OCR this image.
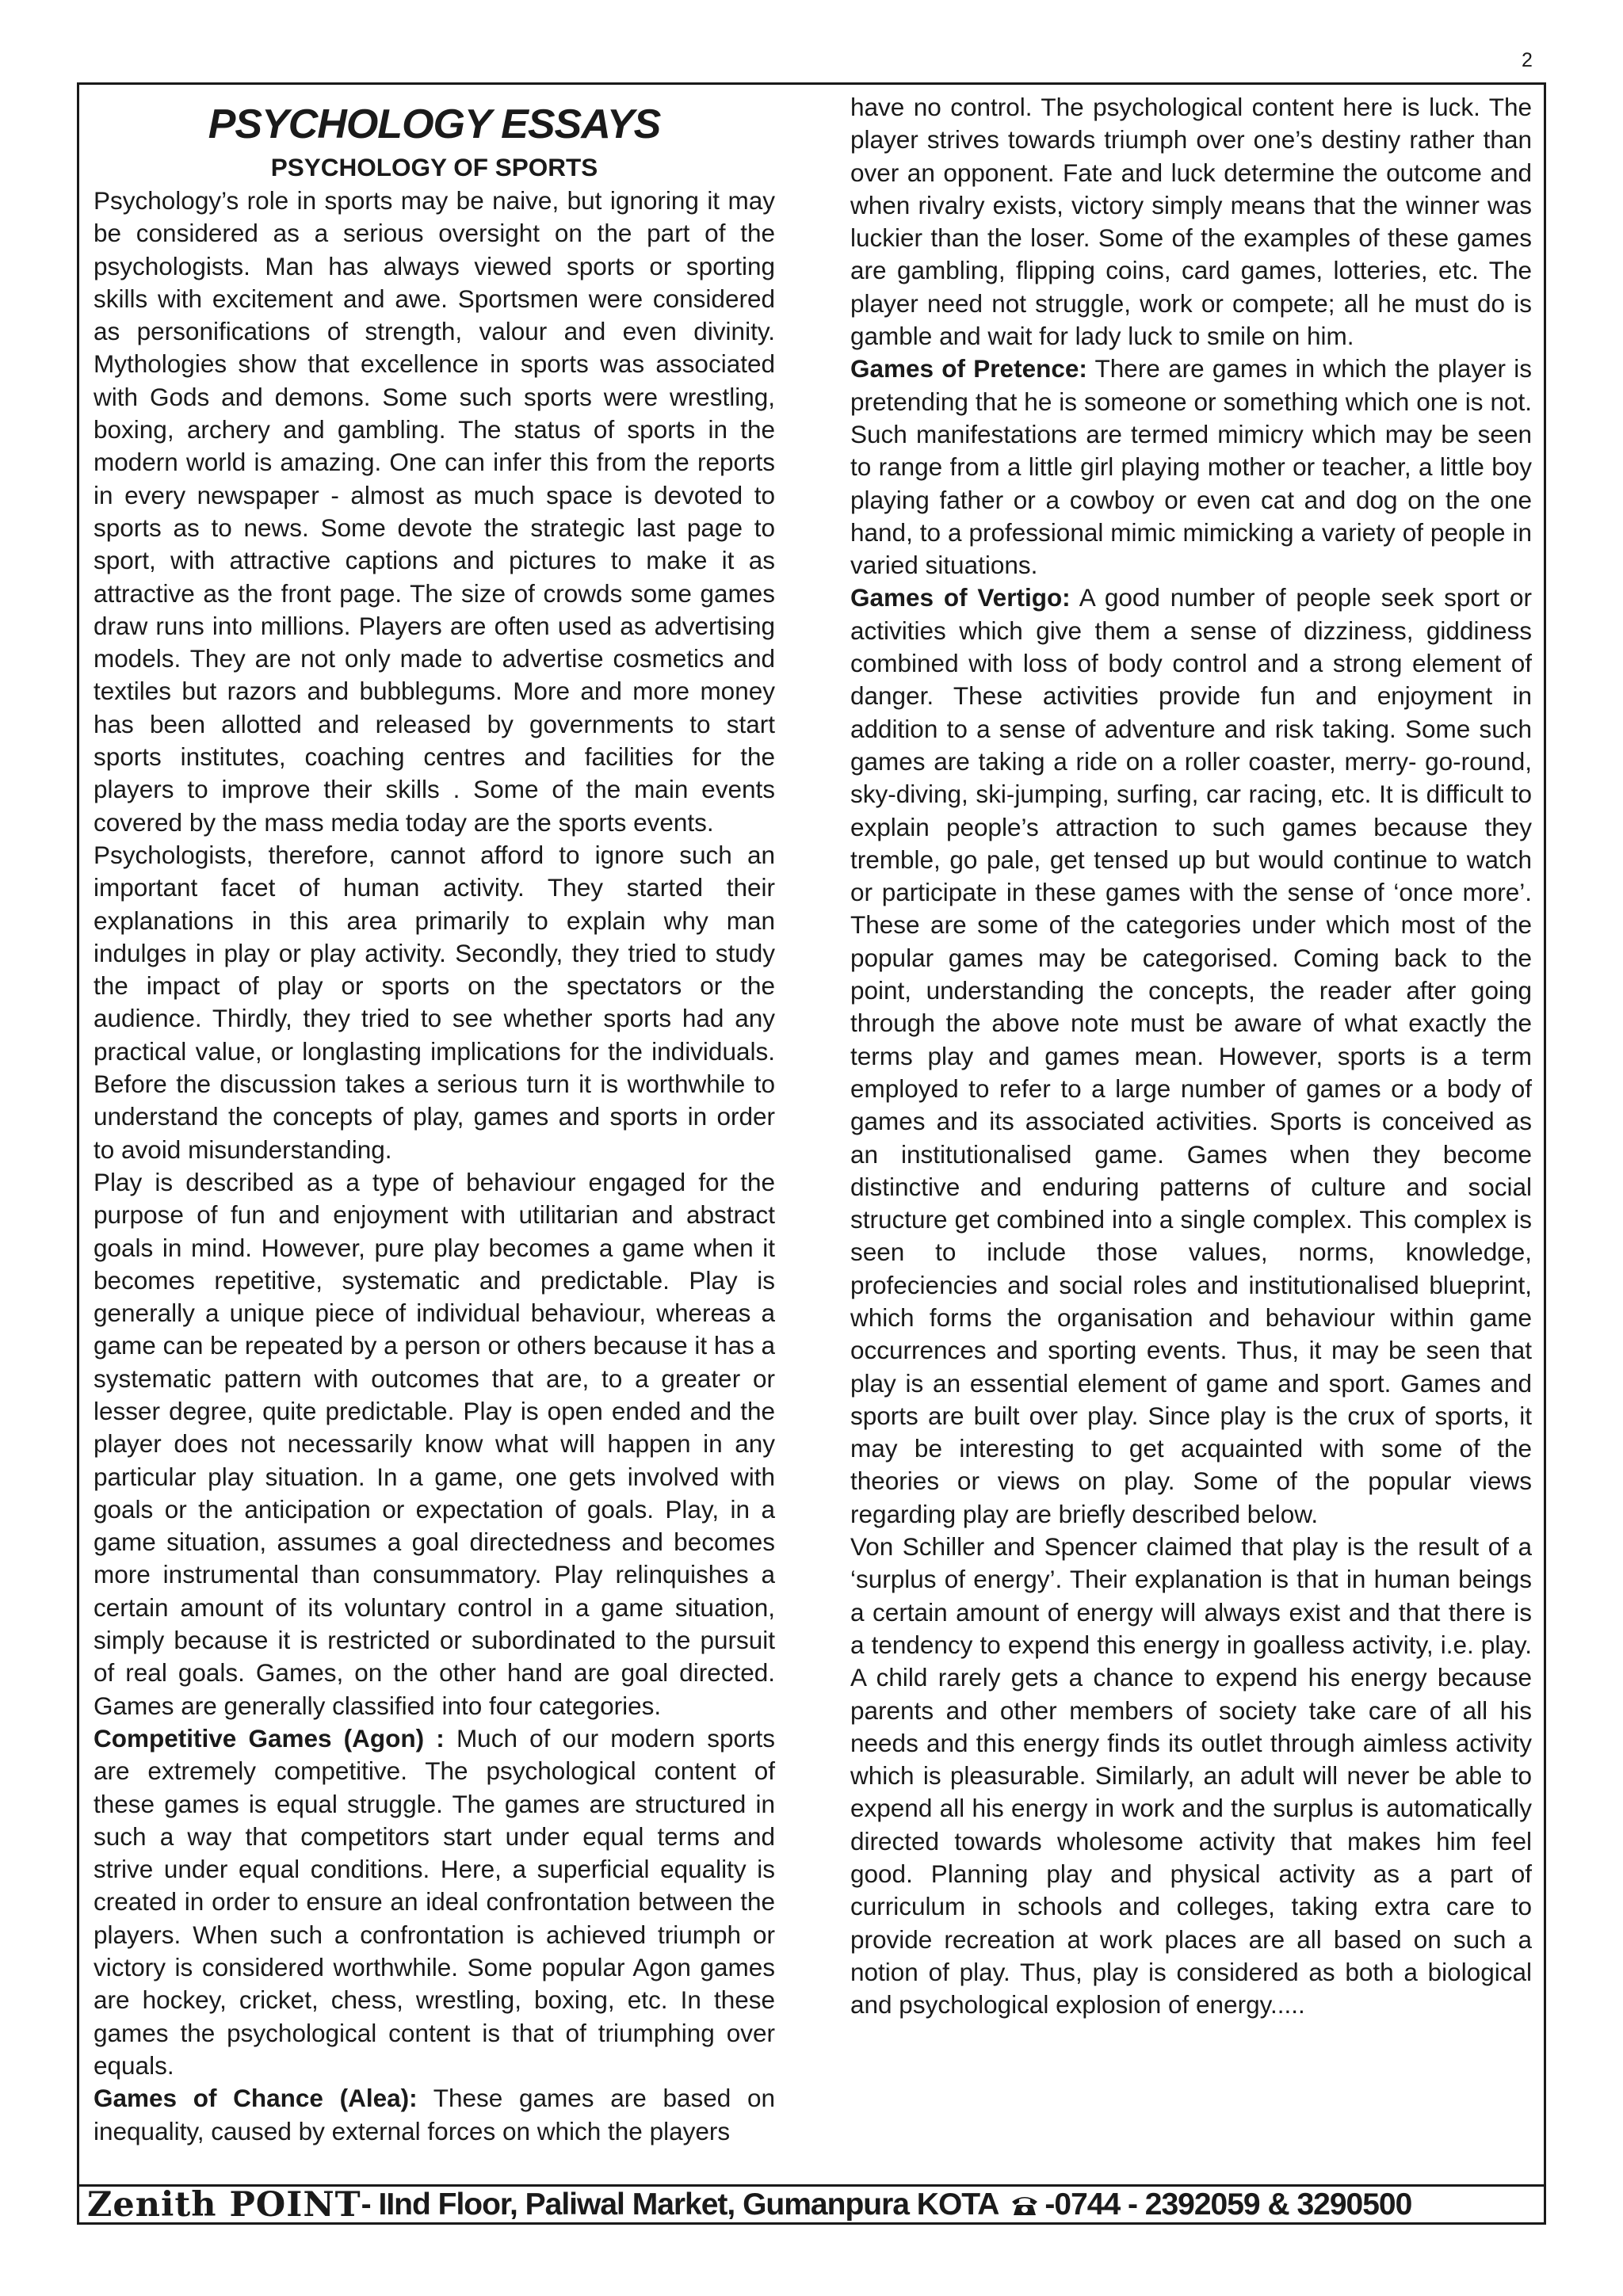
2
PSYCHOLOGY ESSAYS
PSYCHOLOGY OF SPORTS

Psychology’s role in sports may be naive, but ignoring it may be considered as a serious oversight on the part of the psychologists. Man has always viewed sports or sporting skills with excitement and awe. Sportsmen were considered as personifications of strength, valour and even divinity. Mythologies show that excellence in sports was associated with Gods and demons. Some such sports were wrestling, boxing, archery and gambling. The status of sports in the modern world is amazing. One can infer this from the reports in every newspaper - almost as much space is devoted to sports as to news. Some devote the strategic last page to sport, with attractive captions and pictures to make it as attractive as the front page. The size of crowds some games draw runs into millions. Players are often used as advertising models. They are not only made to advertise cosmetics and textiles but razors and bubblegums. More and more money has been allotted and released by governments to start sports institutes, coaching centres and facilities for the players to improve their skills . Some of the main events covered by the mass media today are the sports events.

Psychologists, therefore, cannot afford to ignore such an important facet of human activity. They started their explanations in this area primarily to explain why man indulges in play or play activity. Secondly, they tried to study the impact of play or sports on the spectators or the audience. Thirdly, they tried to see whether sports had any practical value, or longlasting implications for the individuals. Before the discussion takes a serious turn it is worthwhile to understand the concepts of play, games and sports in order to avoid misunderstanding.

Play is described as a type of behaviour engaged for the purpose of fun and enjoyment with utilitarian and abstract goals in mind. However, pure play becomes a game when it becomes repetitive, systematic and predictable. Play is generally a unique piece of individual behaviour, whereas a game can be repeated by a person or others because it has a systematic pattern with outcomes that are, to a greater or lesser degree, quite predictable. Play is open ended and the player does not necessarily know what will happen in any particular play situation. In a game, one gets involved with goals or the anticipation or expectation of goals. Play, in a game situation, assumes a goal directedness and becomes more instrumental than consummatory. Play relinquishes a certain amount of its voluntary control in a game situation, simply because it is restricted or subordinated to the pursuit of real goals. Games, on the other hand are goal directed. Games are generally classified into four categories.

Competitive Games (Agon) : Much of our modern sports are extremely competitive. The psychological content of these games is equal struggle. The games are structured in such a way that competitors start under equal terms and strive under equal conditions. Here, a superficial equality is created in order to ensure an ideal confrontation between the players. When such a confrontation is achieved triumph or victory is considered worthwhile. Some popular Agon games are hockey, cricket, chess, wrestling, boxing, etc. In these games the psychological content is that of triumphing over equals.

Games of Chance (Alea): These games are based on inequality, caused by external forces on which the players

have no control. The psychological content here is luck. The player strives towards triumph over one’s destiny rather than over an opponent. Fate and luck determine the outcome and when rivalry exists, victory simply means that the winner was luckier than the loser. Some of the examples of these games are gambling, flipping coins, card games, lotteries, etc. The player need not struggle, work or compete; all he must do is gamble and wait for lady luck to smile on him.

Games of Pretence: There are games in which the player is pretending that he is someone or something which one is not. Such manifestations are termed mimicry which may be seen to range from a little girl playing mother or teacher, a little boy playing father or a cowboy or even cat and dog on the one hand, to a professional mimic mimicking a variety of people in varied situations.

Games of Vertigo: A good number of people seek sport or activities which give them a sense of dizziness, giddiness combined with loss of body control and a strong element of danger. These activities provide fun and enjoyment in addition to a sense of adventure and risk taking. Some such games are taking a ride on a roller coaster, merry- go-round, sky-diving, ski-jumping, surfing, car racing, etc. It is difficult to explain people’s attraction to such games because they tremble, go pale, get tensed up but would continue to watch or participate in these games with the sense of ‘once more’. These are some of the categories under which most of the popular games may be categorised. Coming back to the point, understanding the concepts, the reader after going through the above note must be aware of what exactly the terms play and games mean. However, sports is a term employed to refer to a large number of games or a body of games and its associated activities. Sports is conceived as an institutionalised game. Games when they become distinctive and enduring patterns of culture and social structure get combined into a single complex. This complex is seen to include those values, norms, knowledge, profeciencies and social roles and institutionalised blueprint, which forms the organisation and behaviour within game occurrences and sporting events. Thus, it may be seen that play is an essential element of game and sport. Games and sports are built over play. Since play is the crux of sports, it may be interesting to get acquainted with some of the theories or views on play. Some of the popular views regarding play are briefly described below.

Von Schiller and Spencer claimed that play is the result of a ‘surplus of energy’. Their explanation is that in human beings a certain amount of energy will always exist and that there is a tendency to expend this energy in goalless activity, i.e. play. A child rarely gets a chance to expend his energy because parents and other members of society take care of all his needs and this energy finds its outlet through aimless activity which is pleasurable. Similarly, an adult will never be able to expend all his energy in work and the surplus is automatically directed towards wholesome activity that makes him feel good. Planning play and physical activity as a part of curriculum in schools and colleges, taking extra care to provide recreation at work places are all based on such a notion of play. Thus, play is considered as both a biological and psychological explosion of energy.....

Zenith POINT - IInd Floor, Paliwal Market, Gumanpura KOTA -0744 - 2392059 & 3290500
